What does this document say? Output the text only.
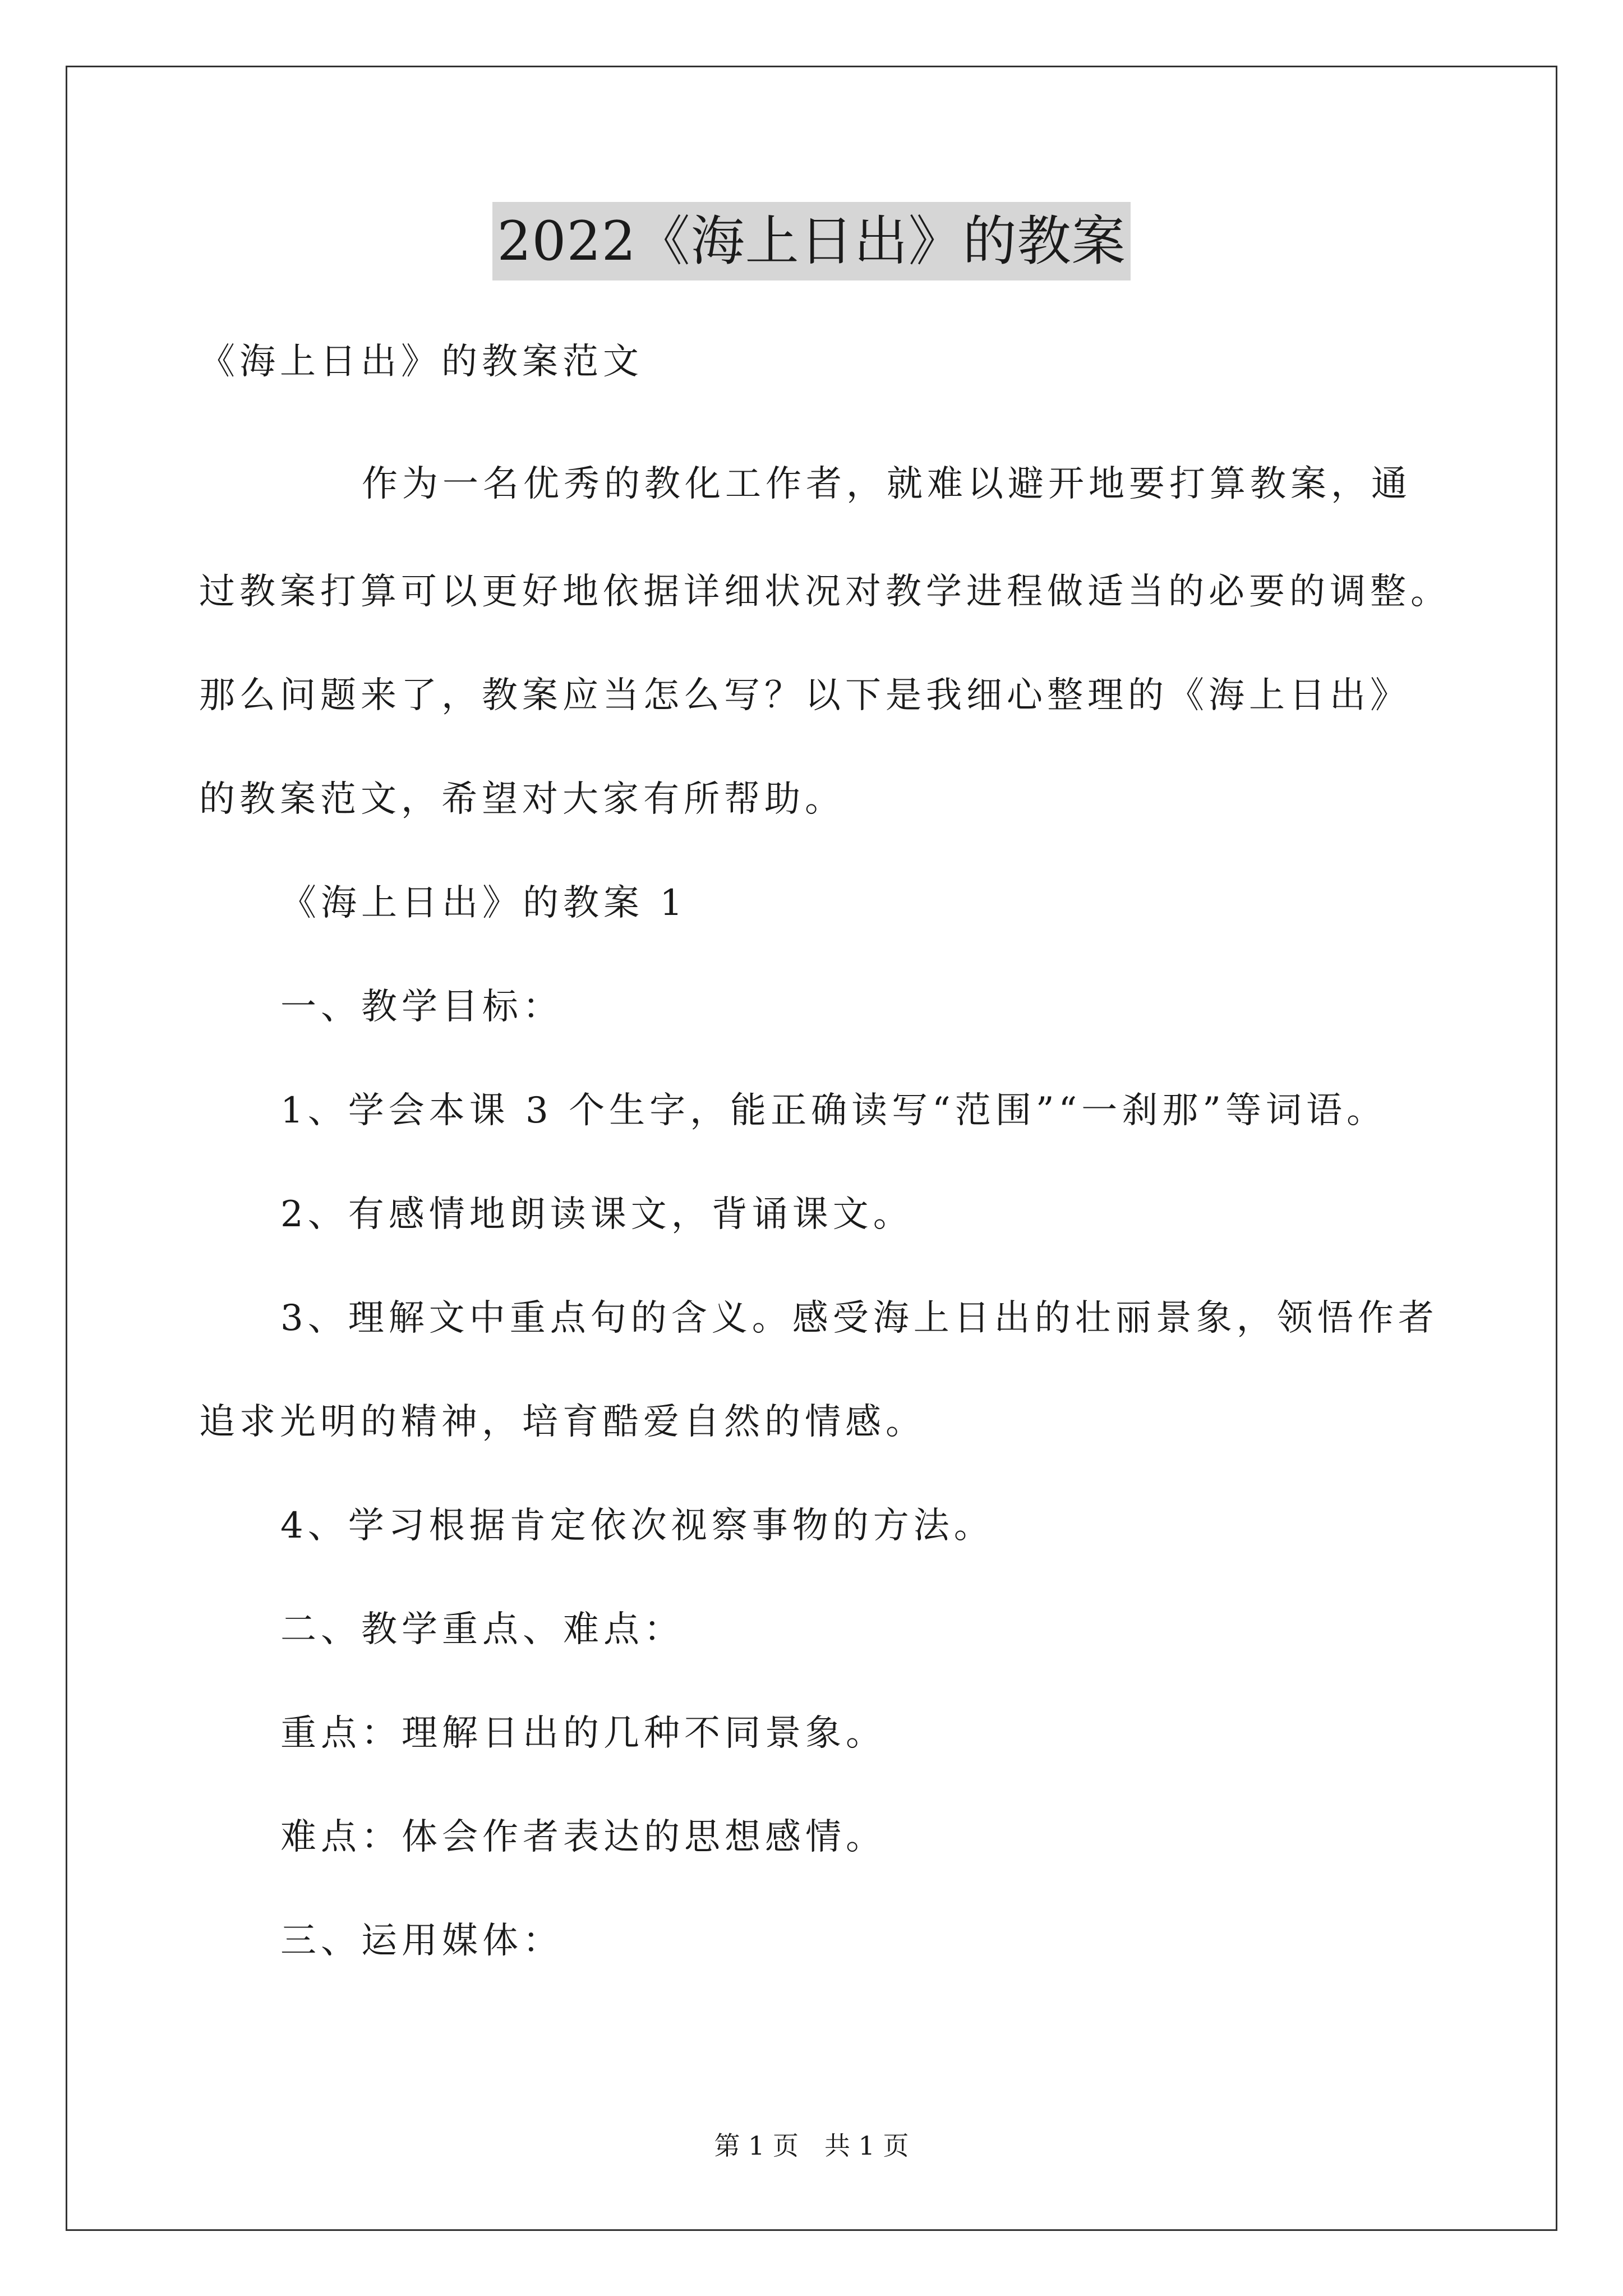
2022《海上日出》的教案
《海上日出》的教案范文
作为一名优秀的教化工作者，就难以避开地要打算教案，通
过教案打算可以更好地依据详细状况对教学进程做适当的必要的调整。
那么问题来了，教案应当怎么写？以下是我细心整理的《海上日出》
的教案范文，希望对大家有所帮助。
《海上日出》的教案 1
一、教学目标：
1、学会本课 3 个生字，能正确读写“范围”“一刹那”等词语。
2、有感情地朗读课文，背诵课文。
3、理解文中重点句的含义。感受海上日出的壮丽景象，领悟作者
追求光明的精神，培育酷爱自然的情感。
4、学习根据肯定依次视察事物的方法。
二、教学重点、难点：
重点：理解日出的几种不同景象。
难点：体会作者表达的思想感情。
三、运用媒体：
第 1 页　共 1 页
